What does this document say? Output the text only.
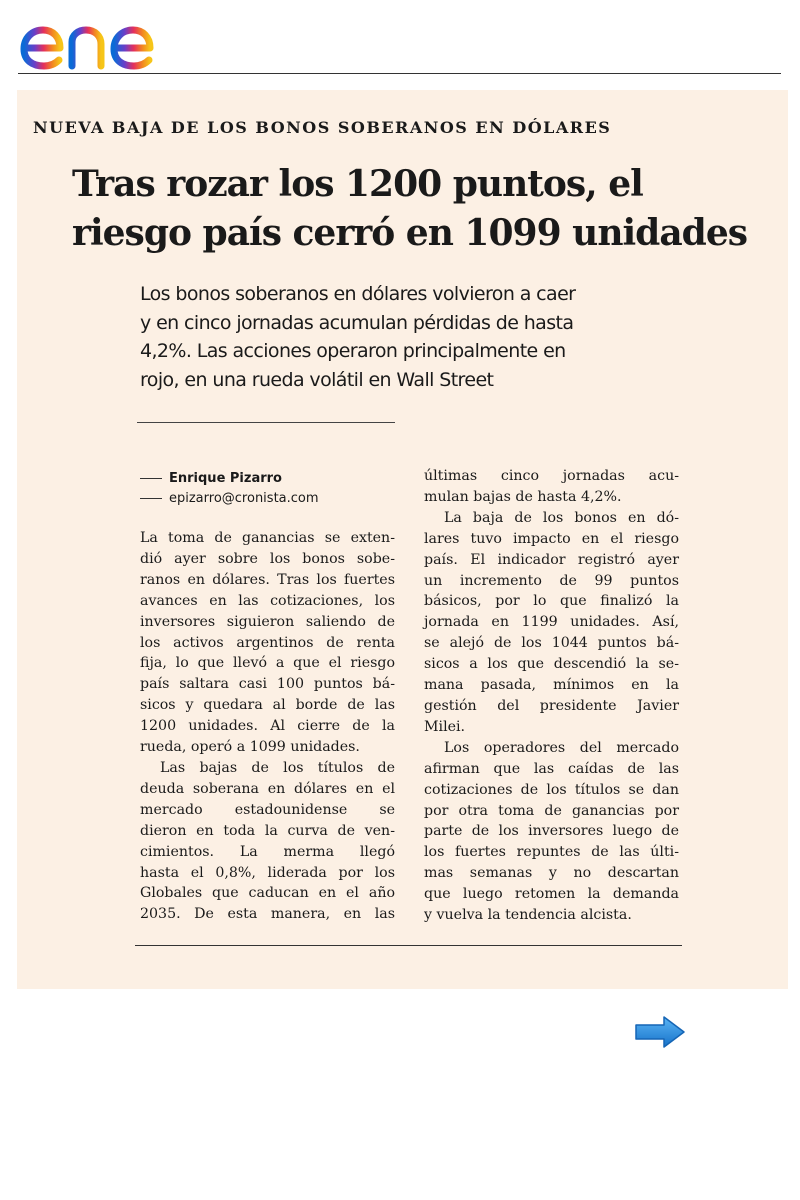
NUEVA BAJA DE LOS BONOS SOBERANOS EN DÓLARES
Tras rozar los 1200 puntos, el
riesgo país cerró en 1099 unidades

Los bonos soberanos en dólares volvieron a caer
y en cinco jornadas acumulan pérdidas de hasta
4,2%. Las acciones operaron principalmente en
rojo, en una rueda volátil en Wall Street

Enrique Pizarro
epizarro@cronista.com
La toma de ganancias se exten-
dió ayer sobre los bonos sobe-
ranos en dólares. Tras los fuertes
avances en las cotizaciones, los
inversores siguieron saliendo de
los activos argentinos de renta
fija, lo que llevó a que el riesgo
país saltara casi 100 puntos bá-
sicos y quedara al borde de las
1200 unidades. Al cierre de la
rueda, operó a 1099 unidades.
Las bajas de los títulos de
deuda soberana en dólares en el
mercado estadounidense se
dieron en toda la curva de ven-
cimientos. La merma llegó
hasta el 0,8%, liderada por los
Globales que caducan en el año
2035. De esta manera, en las
últimas cinco jornadas acu-
mulan bajas de hasta 4,2%.
La baja de los bonos en dó-
lares tuvo impacto en el riesgo
país. El indicador registró ayer
un incremento de 99 puntos
básicos, por lo que finalizó la
jornada en 1199 unidades. Así,
se alejó de los 1044 puntos bá-
sicos a los que descendió la se-
mana pasada, mínimos en la
gestión del presidente Javier
Milei.
Los operadores del mercado
afirman que las caídas de las
cotizaciones de los títulos se dan
por otra toma de ganancias por
parte de los inversores luego de
los fuertes repuntes de las últi-
mas semanas y no descartan
que luego retomen la demanda
y vuelva la tendencia alcista.
